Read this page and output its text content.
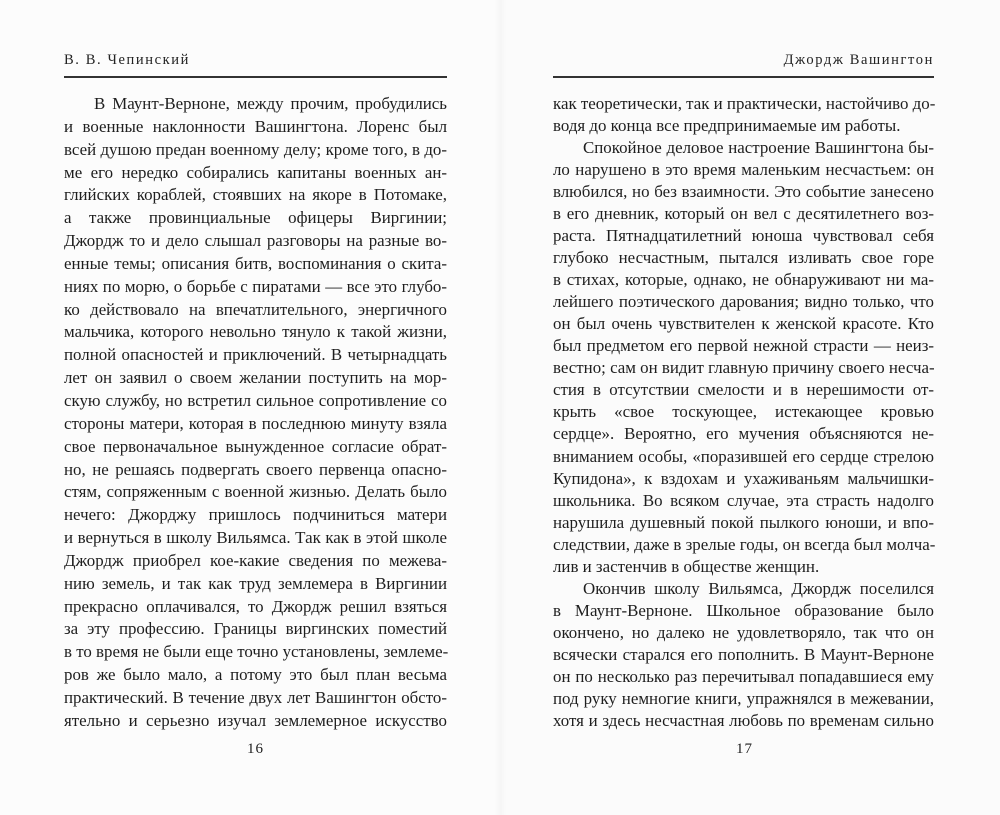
В. В. Чепинский
В Маунт-Верноне, между прочим, пробудились
и военные наклонности Вашингтона. Лоренс был
всей душою предан военному делу; кроме того, в до-
ме его нередко собирались капитаны военных ан-
глийских кораблей, стоявших на якоре в Потомаке,
а также провинциальные офицеры Виргинии;
Джордж то и дело слышал разговоры на разные во-
енные темы; описания битв, воспоминания о скита-
ниях по морю, о борьбе с пиратами — все это глубо-
ко действовало на впечатлительного, энергичного
мальчика, которого невольно тянуло к такой жизни,
полной опасностей и приключений. В четырнадцать
лет он заявил о своем желании поступить на мор-
скую службу, но встретил сильное сопротивление со
стороны матери, которая в последнюю минуту взяла
свое первоначальное вынужденное согласие обрат-
но, не решаясь подвергать своего первенца опасно-
стям, сопряженным с военной жизнью. Делать было
нечего: Джорджу пришлось подчиниться матери
и вернуться в школу Вильямса. Так как в этой школе
Джордж приобрел кое-какие сведения по межева-
нию земель, и так как труд землемера в Виргинии
прекрасно оплачивался, то Джордж решил взяться
за эту профессию. Границы виргинских поместий
в то время не были еще точно установлены, землеме-
ров же было мало, а потому это был план весьма
практический. В течение двух лет Вашингтон обсто-
ятельно и серьезно изучал землемерное искусство
16
Джордж Вашингтон
как теоретически, так и практически, настойчиво до-
водя до конца все предпринимаемые им работы.
Спокойное деловое настроение Вашингтона бы-
ло нарушено в это время маленьким несчастьем: он
влюбился, но без взаимности. Это событие занесено
в его дневник, который он вел с десятилетнего воз-
раста. Пятнадцатилетний юноша чувствовал себя
глубоко несчастным, пытался изливать свое горе
в стихах, которые, однако, не обнаруживают ни ма-
лейшего поэтического дарования; видно только, что
он был очень чувствителен к женской красоте. Кто
был предметом его первой нежной страсти — неиз-
вестно; сам он видит главную причину своего несча-
стия в отсутствии смелости и в нерешимости от-
крыть «свое тоскующее, истекающее кровью
сердце». Вероятно, его мучения объясняются не-
вниманием особы, «поразившей его сердце стрелою
Купидона», к вздохам и ухаживаньям мальчишки-
школьника. Во всяком случае, эта страсть надолго
нарушила душевный покой пылкого юноши, и впо-
следствии, даже в зрелые годы, он всегда был молча-
лив и застенчив в обществе женщин.
Окончив школу Вильямса, Джордж поселился
в Маунт-Верноне. Школьное образование было
окончено, но далеко не удовлетворяло, так что он
всячески старался его пополнить. В Маунт-Верноне
он по несколько раз перечитывал попадавшиеся ему
под руку немногие книги, упражнялся в межевании,
хотя и здесь несчастная любовь по временам сильно
17
